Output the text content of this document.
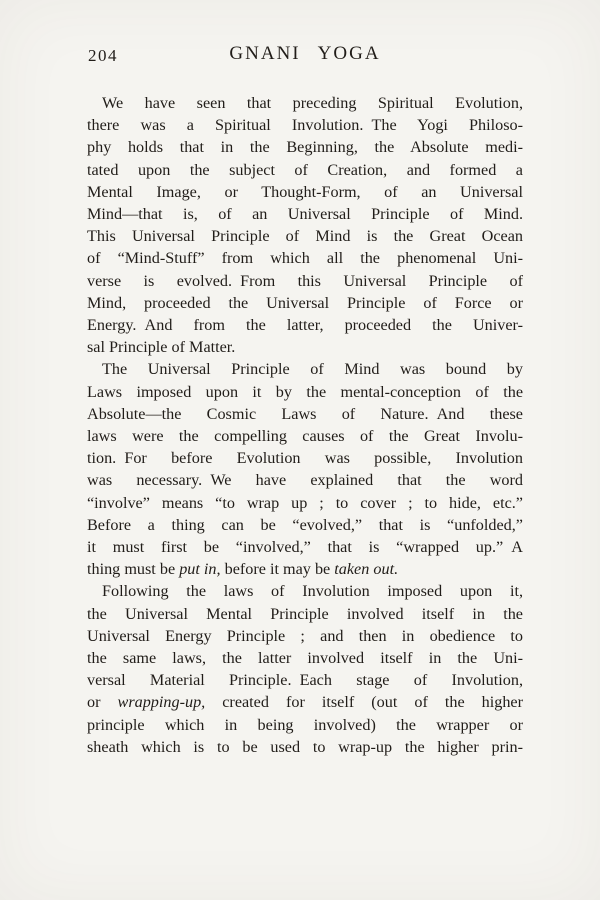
204	GNANI YOGA
We have seen that preceding Spiritual Evolution,
there was a Spiritual Involution. The Yogi Philoso-
phy holds that in the Beginning, the Absolute medi-
tated upon the subject of Creation, and formed a
Mental Image, or Thought-Form, of an Universal
Mind—that is, of an Universal Principle of Mind.
This Universal Principle of Mind is the Great Ocean
of “Mind-Stuff” from which all the phenomenal Uni-
verse is evolved. From this Universal Principle of
Mind, proceeded the Universal Principle of Force or
Energy. And from the latter, proceeded the Univer-
sal Principle of Matter.
The Universal Principle of Mind was bound by
Laws imposed upon it by the mental-conception of the
Absolute—the Cosmic Laws of Nature. And these
laws were the compelling causes of the Great Involu-
tion. For before Evolution was possible, Involution
was necessary. We have explained that the word
“involve” means “to wrap up ; to cover ; to hide, etc.”
Before a thing can be “evolved,” that is “unfolded,”
it must first be “involved,” that is “wrapped up.” A
thing must be put in, before it may be taken out.
Following the laws of Involution imposed upon it,
the Universal Mental Principle involved itself in the
Universal Energy Principle ; and then in obedience to
the same laws, the latter involved itself in the Uni-
versal Material Principle. Each stage of Involution,
or wrapping-up, created for itself (out of the higher
principle which in being involved) the wrapper or
sheath which is to be used to wrap-up the higher prin-
